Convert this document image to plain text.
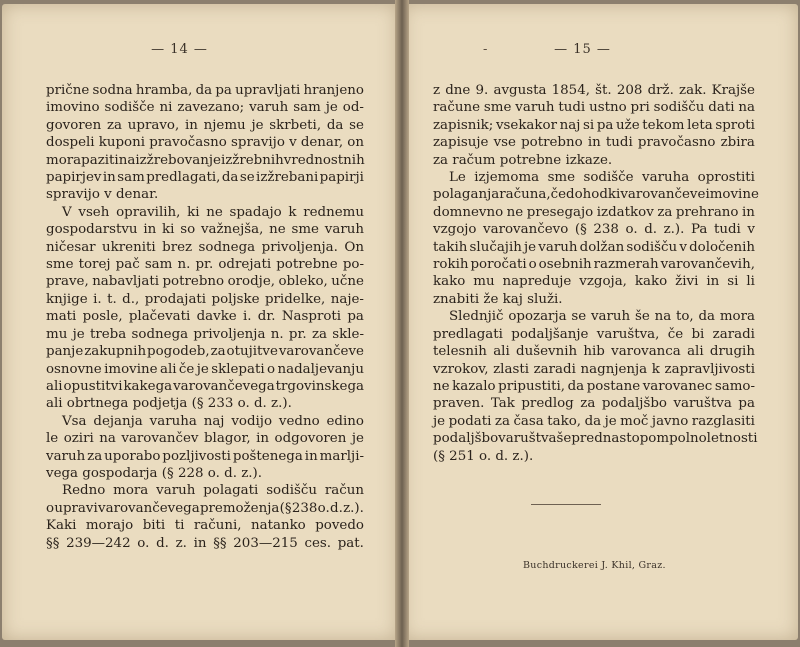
— 14 —
prične sodna hramba, da pa upravljati hranjeno
imovino sodišče ni zavezano; varuh sam je od-
govoren za upravo, in njemu je skrbeti, da se
dospeli kuponi pravočasno spravijo v denar, on
mora paziti na izžrebovanje izžrebnih vrednostnih
papirjev in sam predlagati, da se izžrebani papirji
spravijo v denar.
V vseh opravilih, ki ne spadajo k rednemu
gospodarstvu in ki so važnejša, ne sme varuh
ničesar ukreniti brez sodnega privoljenja. On
sme torej pač sam n. pr. odrejati potrebne po-
prave, nabavljati potrebno orodje, obleko, učne
knjige i. t. d., prodajati poljske pridelke, naje-
mati posle, plačevati davke i. dr. Nasproti pa
mu je treba sodnega privoljenja n. pr. za skle-
panje zakupnih pogodeb, za otujitve varovančeve
osnovne imovine ali če je sklepati o nadaljevanju
ali opustitvi kakega varovančevega trgovinskega
ali obrtnega podjetja (§ 233 o. d. z.).
Vsa dejanja varuha naj vodijo vedno edino
le oziri na varovančev blagor, in odgovoren je
varuh za uporabo pozljivosti poštenega in marlji-
vega gospodarja (§ 228 o. d. z.).
Redno mora varuh polagati sodišču račun
o upravi varovančevega premoženja (§ 238 o. d. z.).
Kaki morajo biti ti računi, natanko povedo
§§ 239—242 o. d. z. in §§ 203—215 ces. pat.
-	— 15 —
z dne 9. avgusta 1854, št. 208 drž. zak. Krajše
račune sme varuh tudi ustno pri sodišču dati na
zapisnik; vsekakor naj si pa uže tekom leta sproti
zapisuje vse potrebno in tudi pravočasno zbira
za račum potrebne izkaze.
Le izjemoma sme sodišče varuha oprostiti
polaganja računa, če dohodki varovančeve imovine
domnevno ne presegajo izdatkov za prehrano in
vzgojo varovančevo (§ 238 o. d. z.). Pa tudi v
takih slučajih je varuh dolžan sodišču v določenih
rokih poročati o osebnih razmerah varovančevih,
kako mu napreduje vzgoja, kako živi in si li
znabiti že kaj služi.
Slednjič opozarja se varuh še na to, da mora
predlagati podaljšanje varuštva, če bi zaradi
telesnih ali duševnih hib varovanca ali drugih
vzrokov, zlasti zaradi nagnjenja k zapravljivosti
ne kazalo pripustiti, da postane varovanec samo-
praven. Tak predlog za podaljšbo varuštva pa
je podati za časa tako, da je moč javno razglasiti
podaljšbo varuštva še pred nastopom polnoletnosti
(§ 251 o. d. z.).
Buchdruckerei J. Khil, Graz.
